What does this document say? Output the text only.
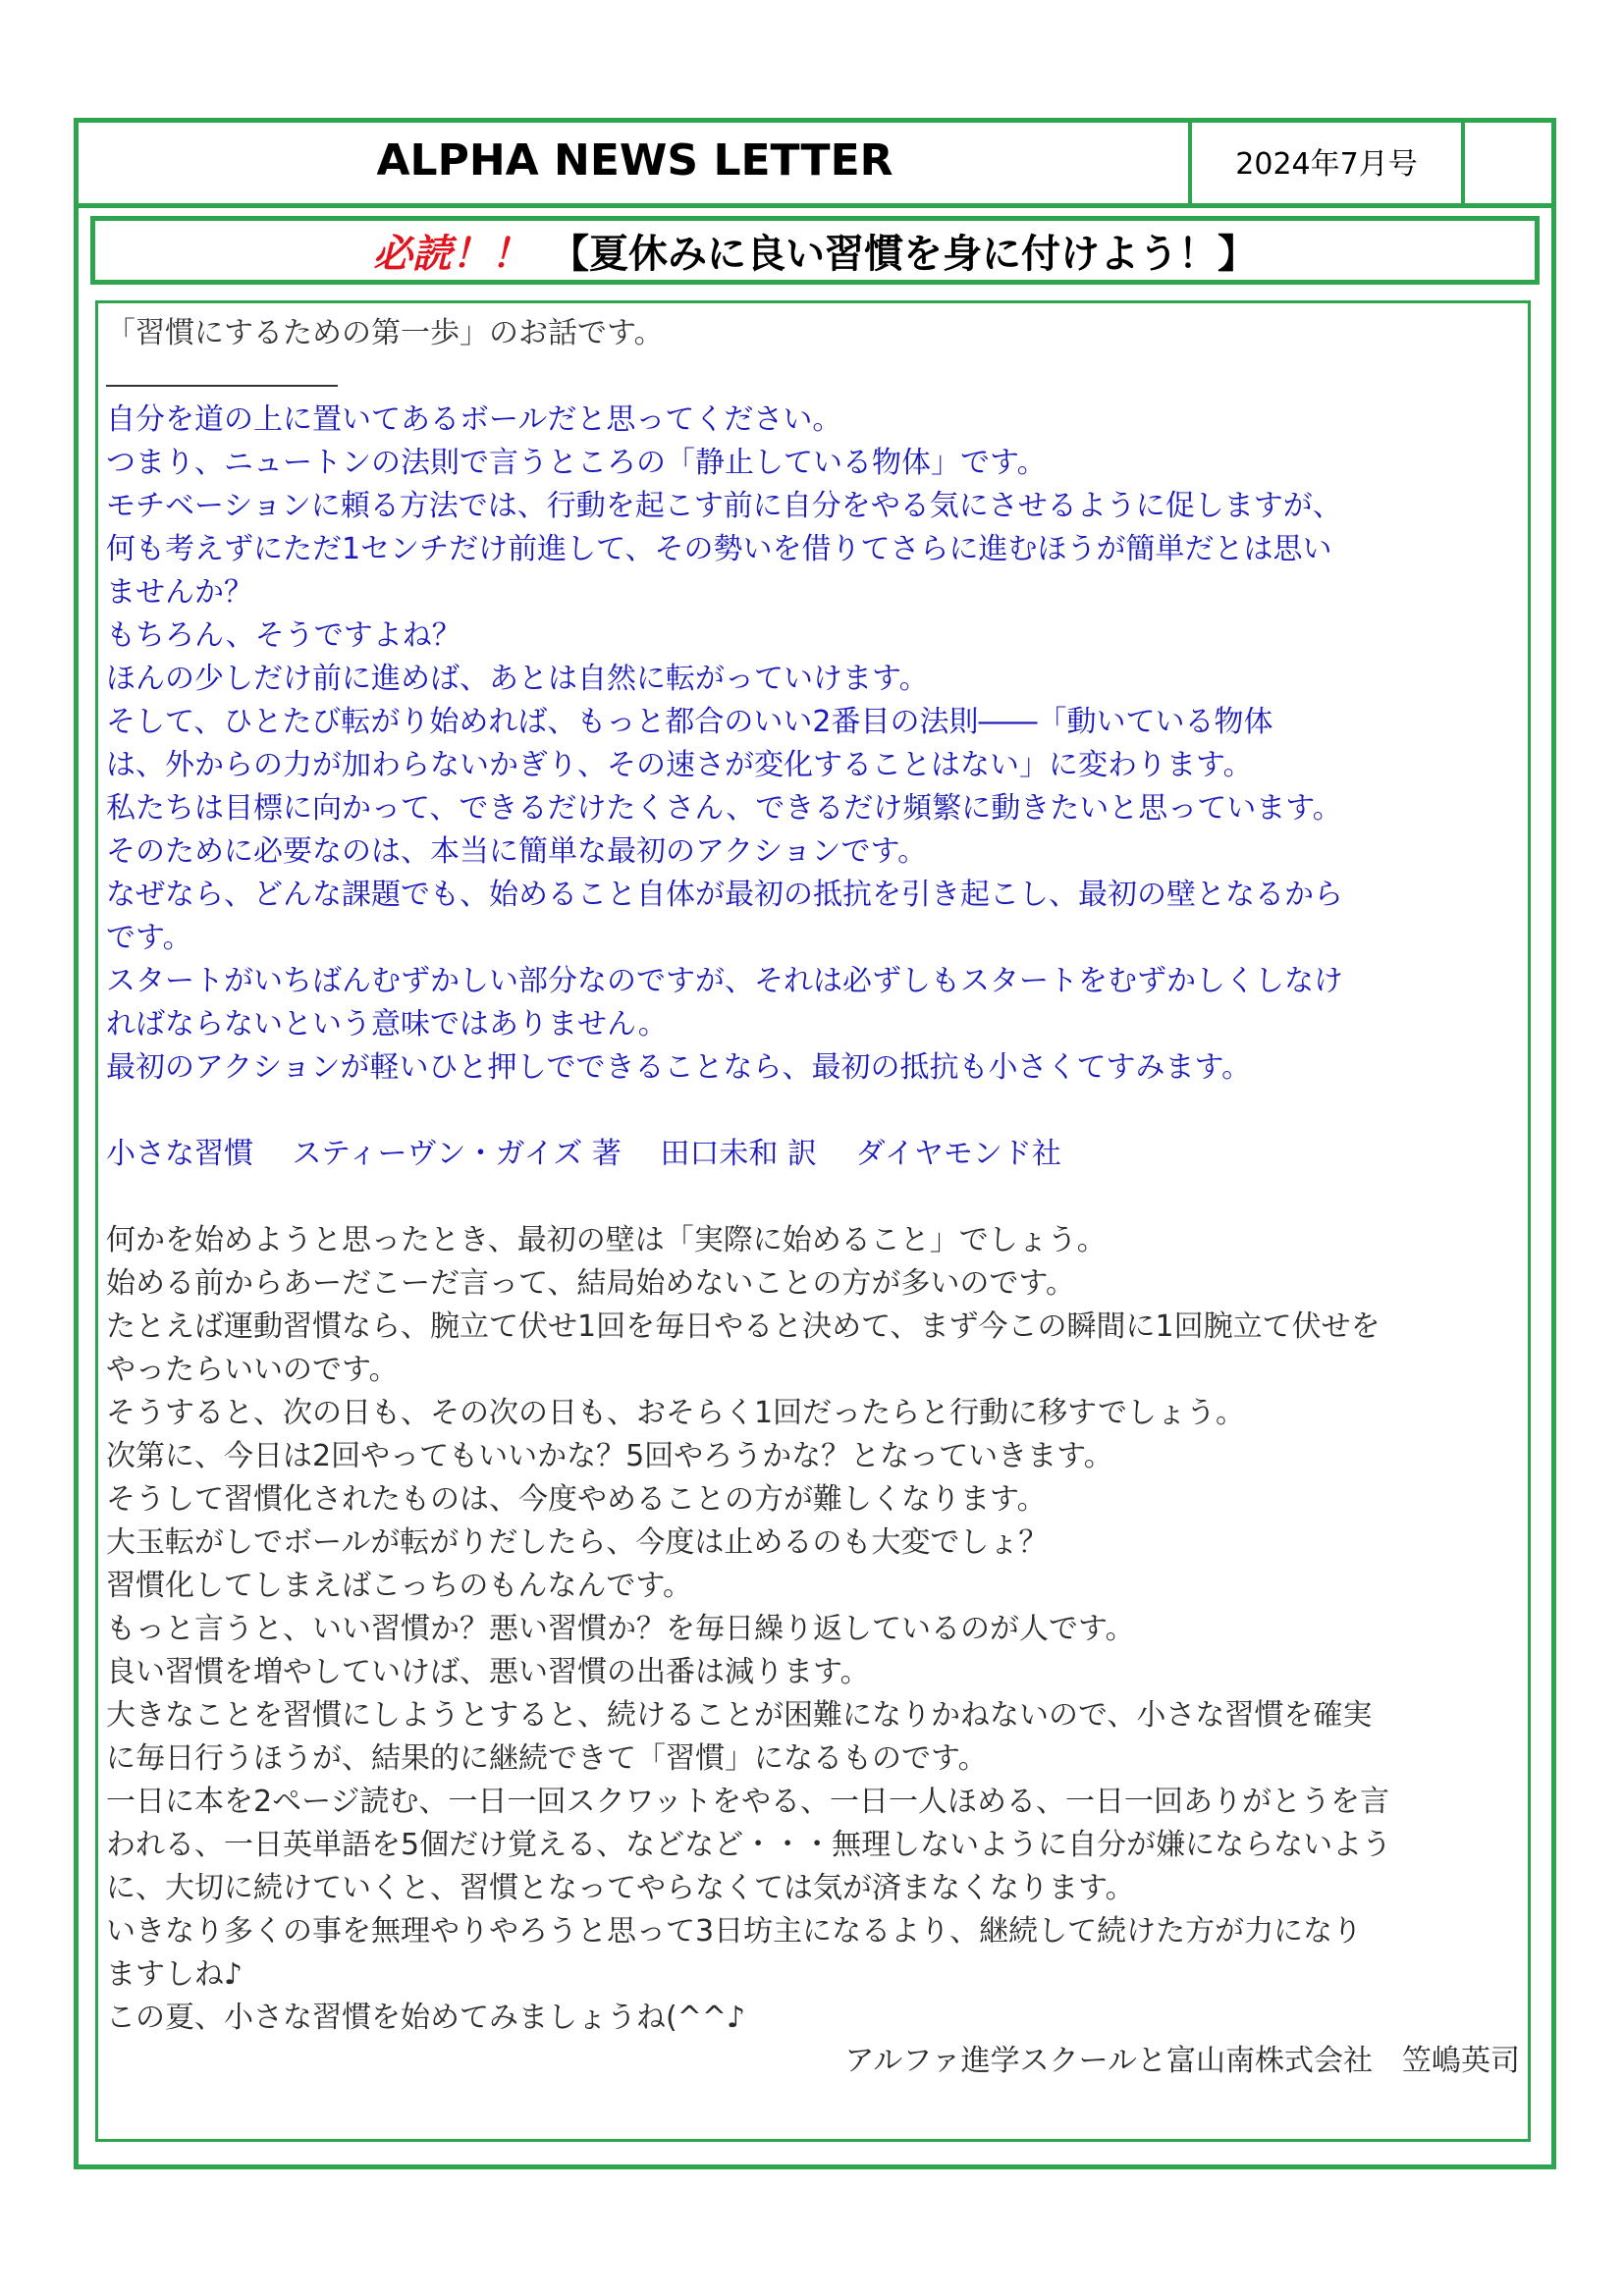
ALPHA NEWS LETTER	2024年7月号
必読！！ 【夏休みに良い習慣を身に付けよう！】
「習慣にするための第一歩」のお話です。
自分を道の上に置いてあるボールだと思ってください。
つまり、ニュートンの法則で言うところの「静止している物体」です。
モチベーションに頼る方法では、行動を起こす前に自分をやる気にさせるように促しますが、
何も考えずにただ1センチだけ前進して、その勢いを借りてさらに進むほうが簡単だとは思い
ませんか？
もちろん、そうですよね？
ほんの少しだけ前に進めば、あとは自然に転がっていけます。
そして、ひとたび転がり始めれば、もっと都合のいい2番目の法則――「動いている物体
は、外からの力が加わらないかぎり、その速さが変化することはない」に変わります。
私たちは目標に向かって、できるだけたくさん、できるだけ頻繁に動きたいと思っています。
そのために必要なのは、本当に簡単な最初のアクションです。
なぜなら、どんな課題でも、始めること自体が最初の抵抗を引き起こし、最初の壁となるから
です。
スタートがいちばんむずかしい部分なのですが、それは必ずしもスタートをむずかしくしなけ
ればならないという意味ではありません。
最初のアクションが軽いひと押しでできることなら、最初の抵抗も小さくてすみます。
小さな習慣　 スティーヴン・ガイズ 著　 田口未和 訳　 ダイヤモンド社
何かを始めようと思ったとき、最初の壁は「実際に始めること」でしょう。
始める前からあーだこーだ言って、結局始めないことの方が多いのです。
たとえば運動習慣なら、腕立て伏せ1回を毎日やると決めて、まず今この瞬間に1回腕立て伏せを
やったらいいのです。
そうすると、次の日も、その次の日も、おそらく1回だったらと行動に移すでしょう。
次第に、今日は2回やってもいいかな？5回やろうかな？となっていきます。
そうして習慣化されたものは、今度やめることの方が難しくなります。
大玉転がしでボールが転がりだしたら、今度は止めるのも大変でしょ？
習慣化してしまえばこっちのもんなんです。
もっと言うと、いい習慣か？悪い習慣か？を毎日繰り返しているのが人です。
良い習慣を増やしていけば、悪い習慣の出番は減ります。
大きなことを習慣にしようとすると、続けることが困難になりかねないので、小さな習慣を確実
に毎日行うほうが、結果的に継続できて「習慣」になるものです。
一日に本を2ページ読む、一日一回スクワットをやる、一日一人ほめる、一日一回ありがとうを言
われる、一日英単語を5個だけ覚える、などなど・・・無理しないように自分が嫌にならないよう
に、大切に続けていくと、習慣となってやらなくては気が済まなくなります。
いきなり多くの事を無理やりやろうと思って3日坊主になるより、継続して続けた方が力になり
ますしね♪
この夏、小さな習慣を始めてみましょうね(^^♪
アルファ進学スクールと富山南株式会社　笠嶋英司
